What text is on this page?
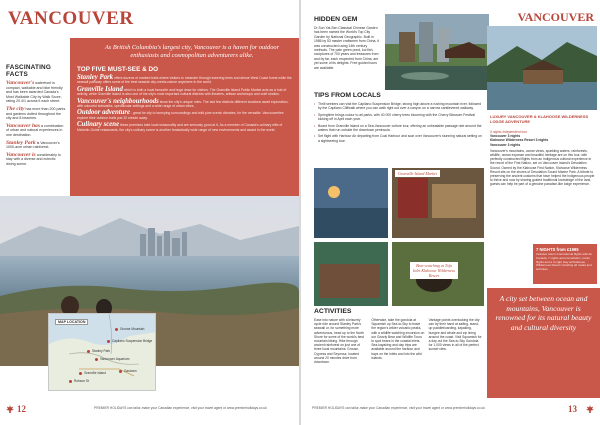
VANCOUVER
As British Columbia's largest city, Vancouver is a haven for outdoor enthusiasts and cosmopolitan adventurers alike.
FASCINATING FACTS
Vancouver's waterfront is compact, walkable and bike friendly and has been awarded Canada's Most Walkable City by Walk Score, rating 20.4/1 across it each street.
The city has more than 200 parks and gardens dotted throughout the city and 8 beaches.
Vancouver has a combination of urban and natural experiences in one destination.
Stanley Park is Vancouver's 1000-acre urban rainforest.
Vancouver is considerably to stay with a diverse and eclectic dining scene.
TOP FIVE MUST-SEE & DO
Stanley Park offers dozens of marked trails where visitors to meander through towering trees and dense West Coast forest while the seawall pathway offers some of the best seaside city-meets-nature anywhere in the world.
Granville Island which is both a local favourite and huge draw for visitors. The Granville Island Public Market acts as a hub of activity, while Granville Island is also one of the city's most important cultural districts with theatres, artisan workshops and craft studios.
Vancouver's neighbourhoods show the city's unique roles. The last few districts different locations await exploration, with colourful sidewalks, spectacular settings and a wide range of urban vibes.
Outdoor adventure - great for city to bunnying surroundings and wild pine scenic climates, for the versatile. Vancouverites explore their outdoor trails just 20 minute away.
Culinary scene these premises take local seasonality and are seriously good at it. As a member of Canada's culinary elite of Michelin-Guide restaurants, the city's culinary scene is another fantastically wide range of new environments and award in the world.
MAP LOCATION
Grouse Mountain
Capilano Suspension Bridge
Stanley Park
Vancouver Aquarium
Granville Island	Gastown
Robson St
12	PREMIER HOLIDAYS can tailor-make your Canadian experience, visit your travel agent or www.premierholidays.co.uk
VANCOUVER
HIDDEN GEM
Dr Sun Yat-Sen Classical Chinese Garden has been named the World's Top City Garden by National Geographic. Built in 1986 by 53 master craftsmen from China, it was constructed using 14th century methods. The pale green pond, koi fish, sculptures of 700 years and treasures from and by far, each respected from China, are yet some of its delights. Free guided tours are available.
TIPS FROM LOCALS
• Thrill seekers can visit the Capilano Suspension Bridge, strong high above a rushing mountain river, followed by the Capilano Cliffwalk where you can walk right out over a canyon on a narrow cantilevered walkway.
• Springtime brings colour to all parks, with 40 000 cherry trees blooming with the Cherry Blossom Festival kicking off in April each year.
• Board from Granville Island on a Sea-Vancouver culture tour, offering an unbeatable passage ride around the waters that run outside the downtown peninsula.
• Set flight with Harbour Air departing from Coal Harbour and soar over Vancouver's stunning natural setting on a sightseeing tour.
Granville Island Market
Bear-watching at Tofu Inlet Klahoose Wilderness Resort
ACTIVITIES
Ease into nature with a leisurely cycle ride around Stanley Park's seawall or, for something more adventurous, head up to the North Shore for some of the world's best mountain biking. Hike through ancient rainforest on just one of three local mountains: Grouse, Cypress and Seymour, located around 20 minutes drive from downtown.
Otherwise, take the gondola at Squamish up Sea-to-Sky to leave the region's wilder volcanic peaks, with a wildlife watching excursion on our Grizzly Bear and Wildlife Tours to spot bears in the coastal inlets. Sea-kayaking and day trips are available around the harbour and bays on the inlets and into the wild islands.
Vantage points overlooking the city can try their hand at sailing, stand-up paddleboarding, kayaking, bungee and whale and zip lining around the coast. Visit Squamish for a day out the Sea-to-Sky Gondola for 1,000 views in all of the perfect sunset view.
LUXURY VANCOUVER & KLAHOOSE WILDERNESS LODGE ADVENTURE
9 nights independent tour
Vancouver 3 nights
Klahoose Wilderness Resort 3 nights
Vancouver 3 nights
Vancouver's mountains, ocean views, sparkling waters, rainforests, wildlife, ocean expanse and beautiful heritage are on this tour, with perfectly constructed flights from an Indigenous cultural experience in the resort of the First Nation, set on Vancouver Island's Desolation Sound. Owned by the Klahoose First Nation, Klahoose Wilderness Resort sits on the shores of Desolation Sound Marine Park. A tribute to preserving the ancient customs that have helped the Indigenous people to thrive and now by sharing guided traditional knowledge of the land, guests can help be part of a genuine paradise-like lodge experience.
7 NIGHTS from £1995
Includes return international flights with Air Canada, 7 nights accommodation, return flights and a 3 night stay at Klahoose Wilderness Resort including all meals and activities.
A city set between ocean and mountains, Vancouver is renowned for its natural beauty and cultural diversity
PREMIER HOLIDAYS can tailor-make your Canadian experience, visit your travel agent or www.premierholidays.co.uk	13
